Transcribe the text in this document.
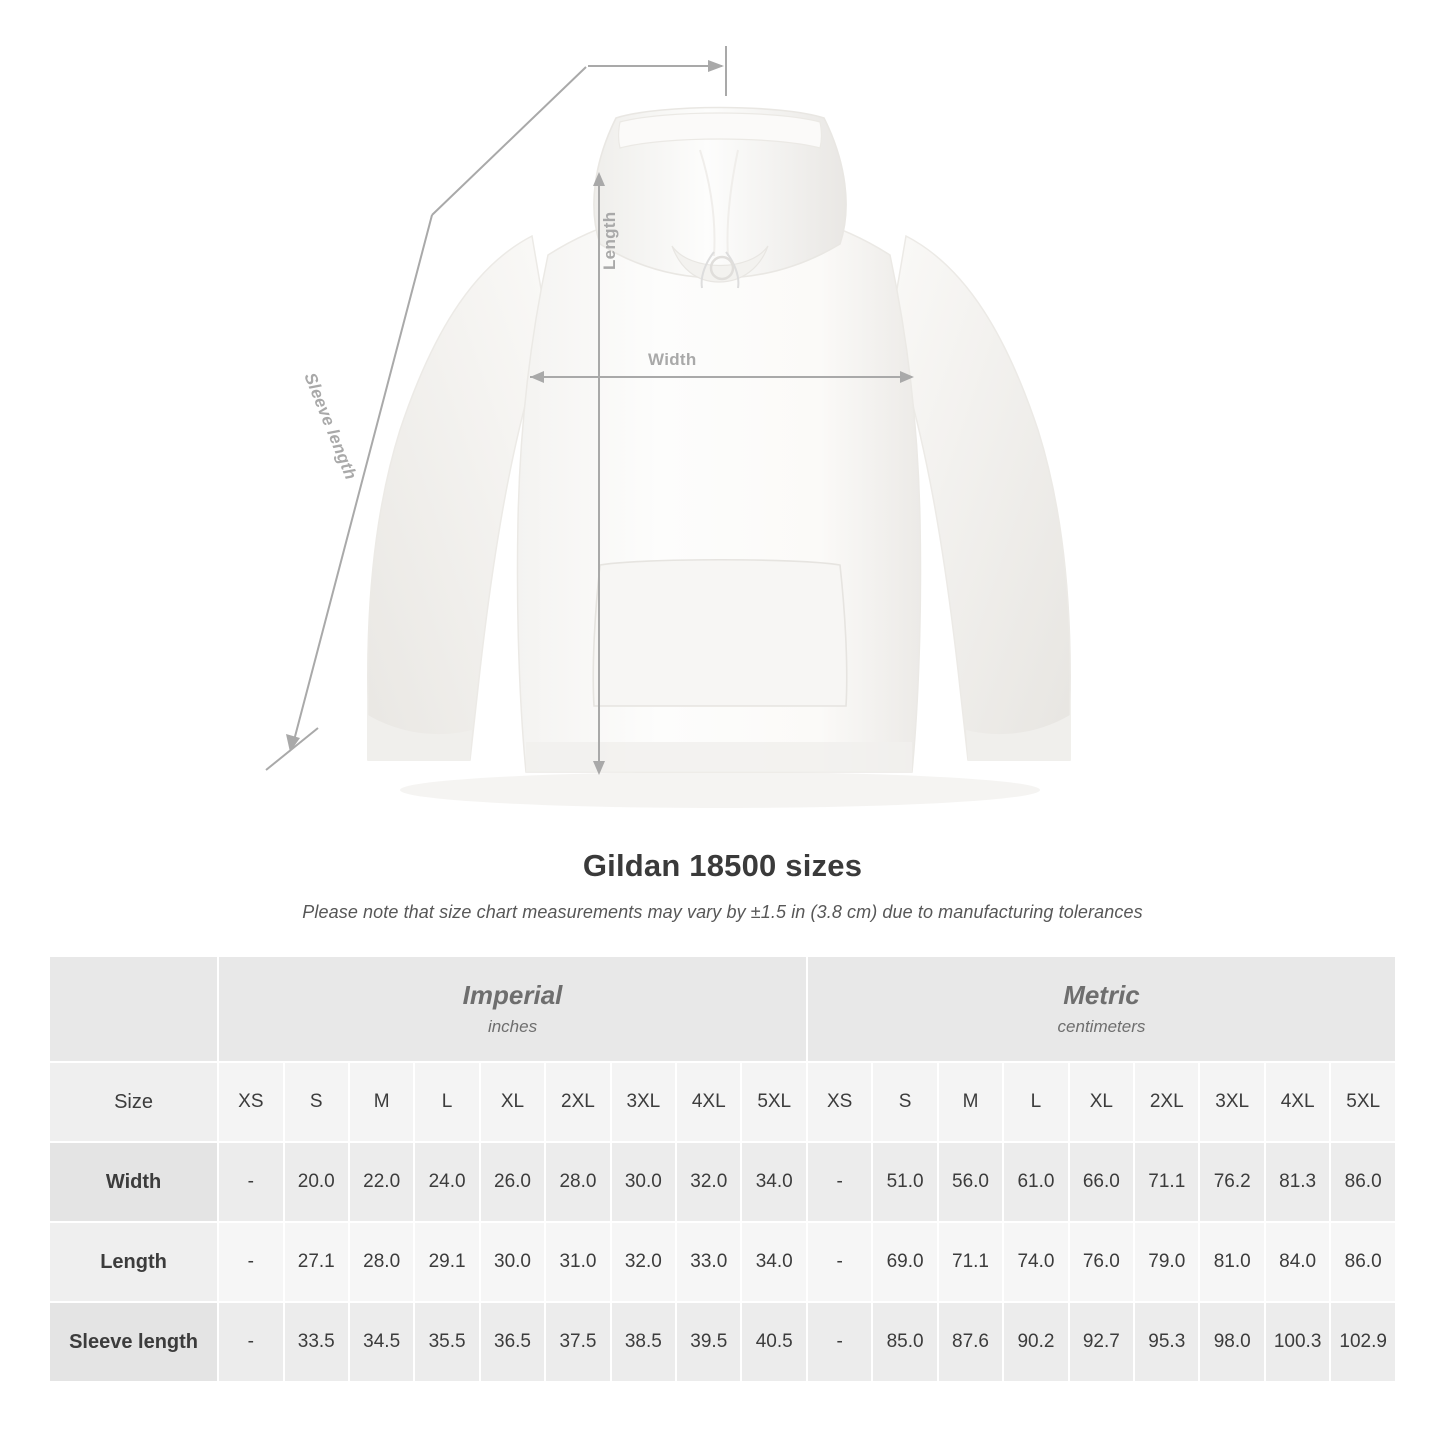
Width
Length
Sleeve length
Gildan 18500 sizes
Please note that size chart measurements may vary by ±1.5 in (3.8 cm) due to manufacturing tolerances

Imperial
inches

Metric
centimeters

Size	XS	S	M	L	XL	2XL	3XL	4XL	5XL	XS	S	M	L	XL	2XL	3XL	4XL	5XL
Width	-	20.0	22.0	24.0	26.0	28.0	30.0	32.0	34.0	-	51.0	56.0	61.0	66.0	71.1	76.2	81.3	86.0
Length	-	27.1	28.0	29.1	30.0	31.0	32.0	33.0	34.0	-	69.0	71.1	74.0	76.0	79.0	81.0	84.0	86.0
Sleeve length	-	33.5	34.5	35.5	36.5	37.5	38.5	39.5	40.5	-	85.0	87.6	90.2	92.7	95.3	98.0	100.3	102.9
